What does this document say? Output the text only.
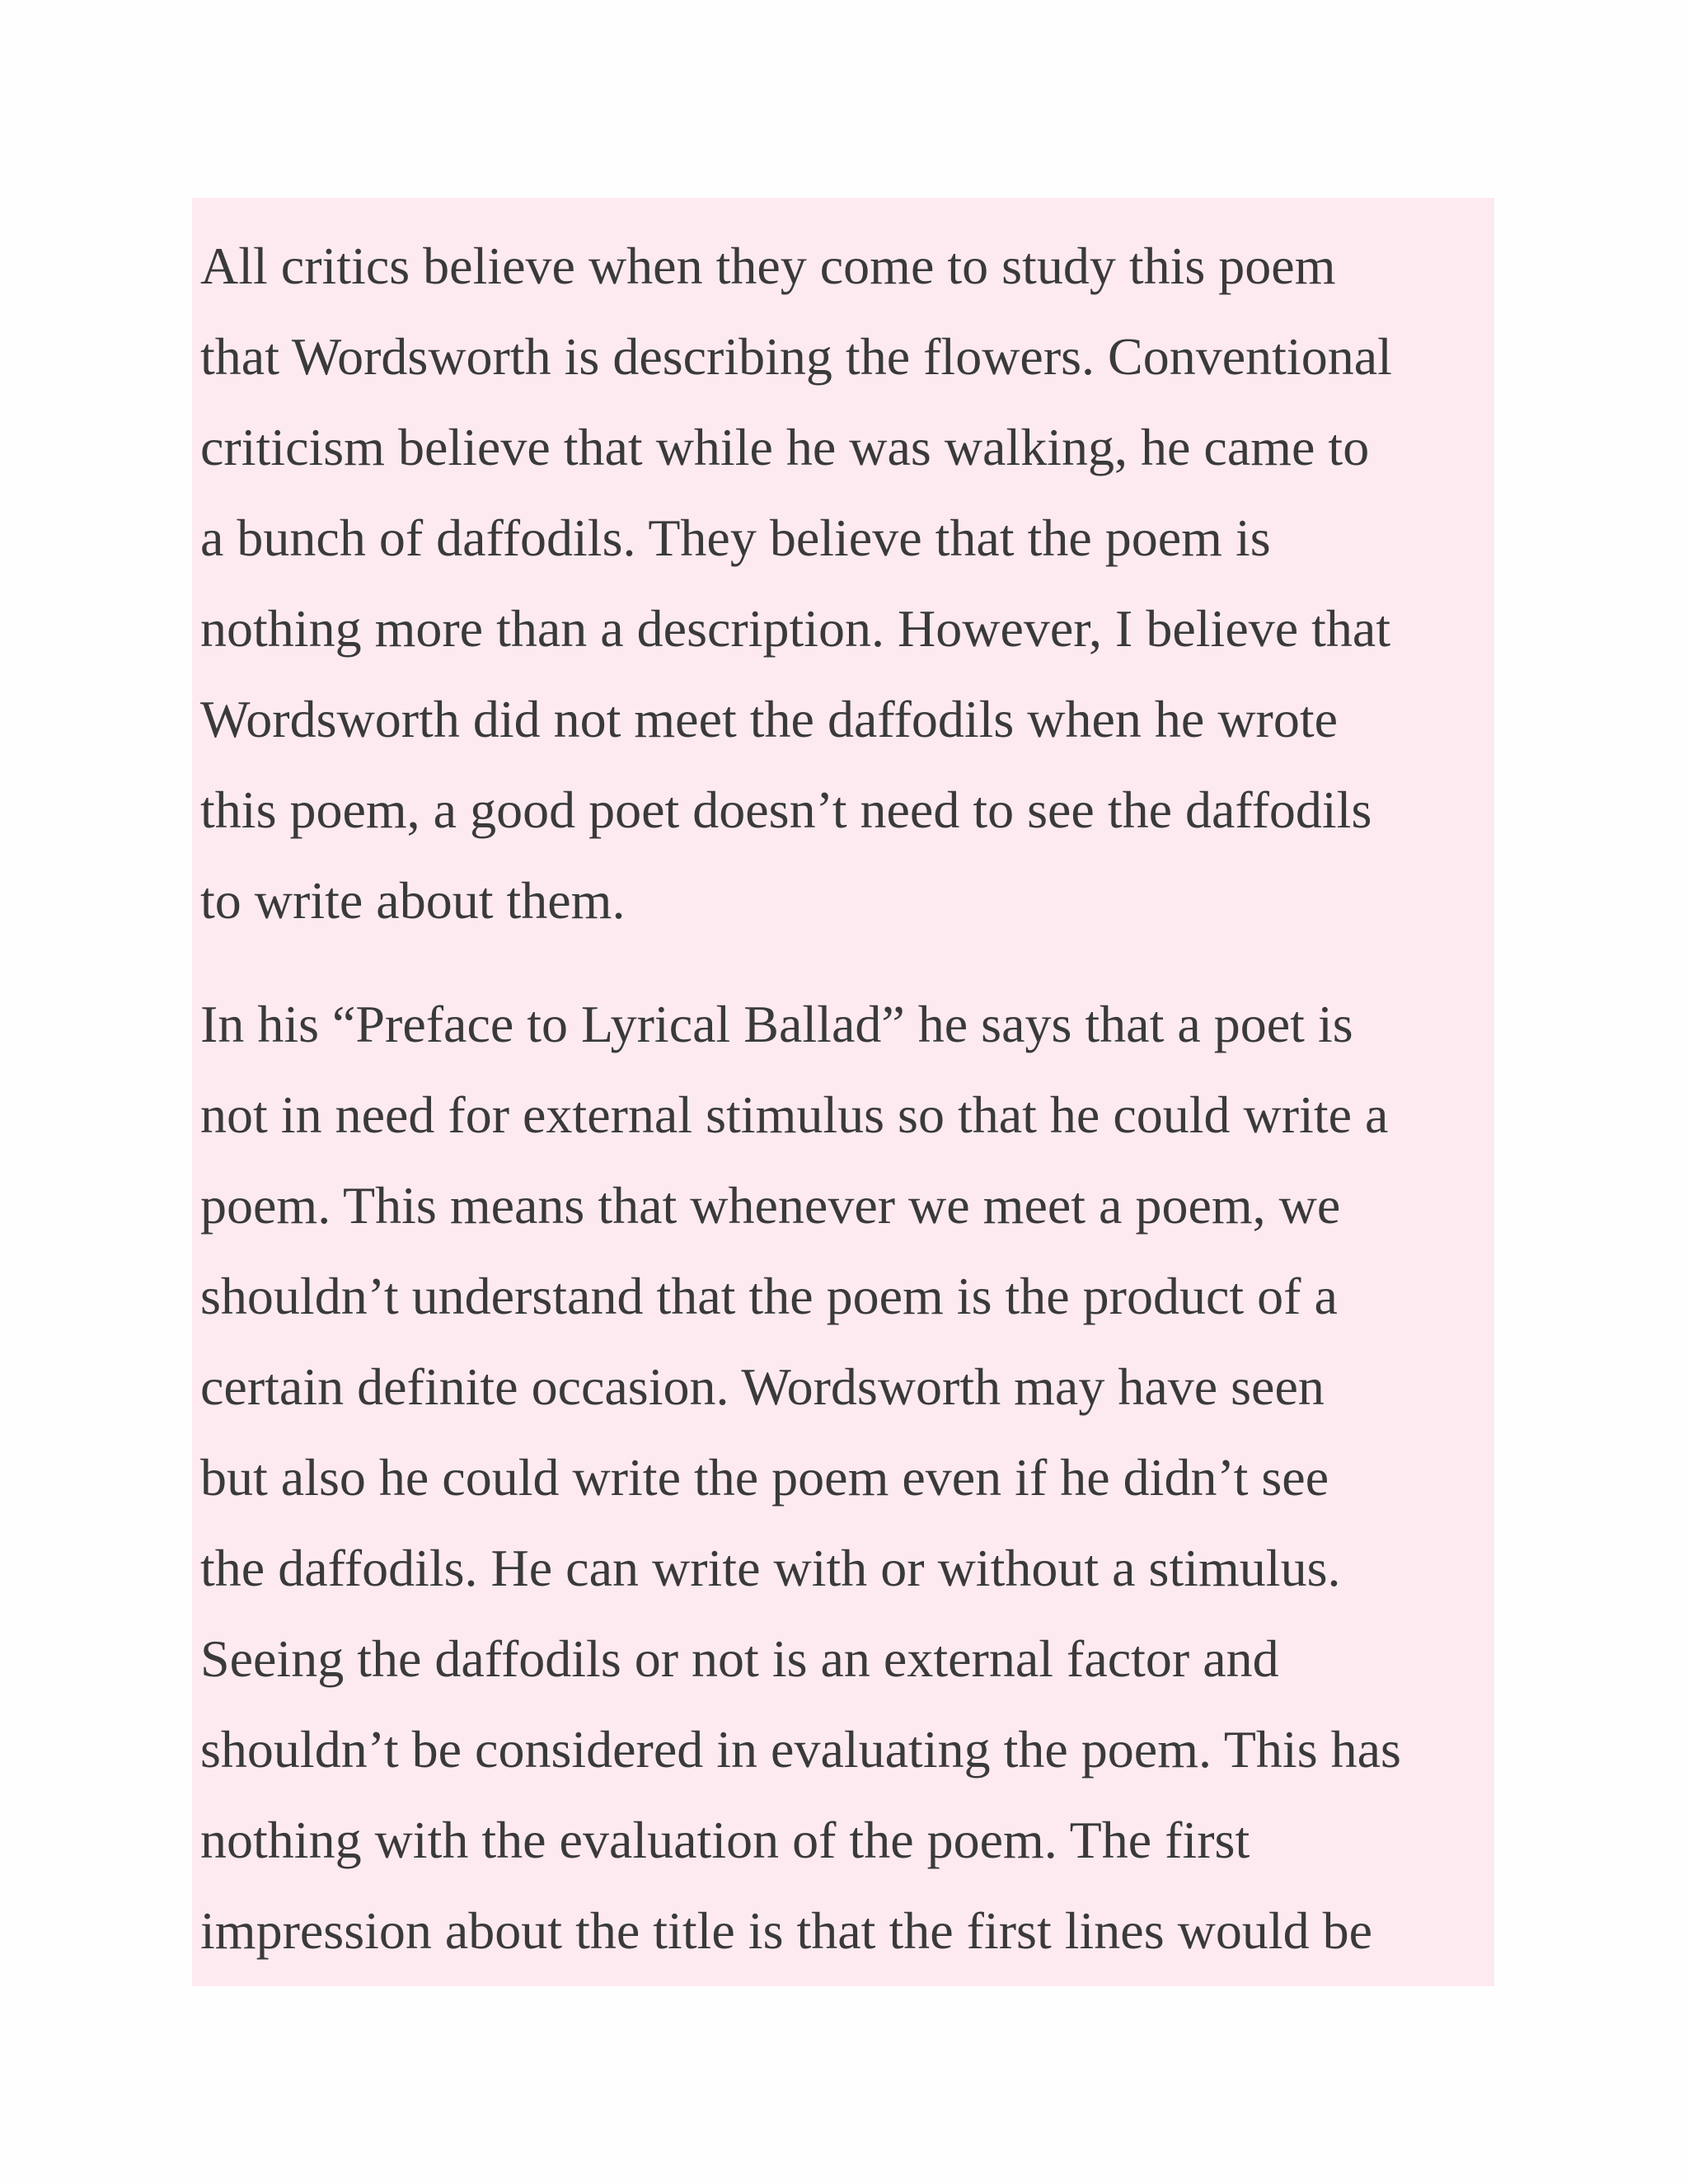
All critics believe when they come to study this poem
that Wordsworth is describing the flowers. Conventional
criticism believe that while he was walking, he came to
a bunch of daffodils. They believe that the poem is
nothing more than a description. However, I believe that
Wordsworth did not meet the daffodils when he wrote
this poem, a good poet doesn’t need to see the daffodils
to write about them.

In his “Preface to Lyrical Ballad” he says that a poet is
not in need for external stimulus so that he could write a
poem. This means that whenever we meet a poem, we
shouldn’t understand that the poem is the product of a
certain definite occasion. Wordsworth may have seen
but also he could write the poem even if he didn’t see
the daffodils. He can write with or without a stimulus.
Seeing the daffodils or not is an external factor and
shouldn’t be considered in evaluating the poem. This has
nothing with the evaluation of the poem. The first
impression about the title is that the first lines would be
